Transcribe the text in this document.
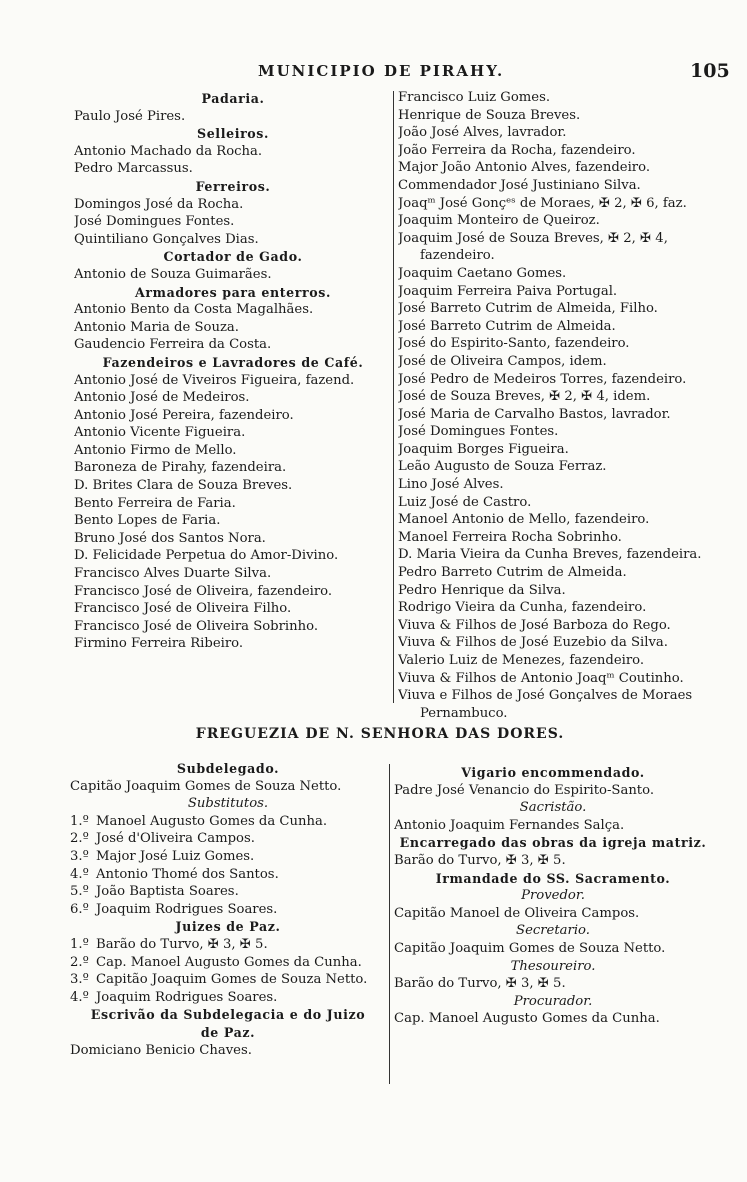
MUNICIPIO DE PIRAHY.	105
Padaria.
Paulo José Pires.
Selleiros.
Antonio Machado da Rocha.
Pedro Marcassus.
Ferreiros.
Domingos José da Rocha.
José Domingues Fontes.
Quintiliano Gonçalves Dias.
Cortador de Gado.
Antonio de Souza Guimarães.
Armadores para enterros.
Antonio Bento da Costa Magalhães.
Antonio Maria de Souza.
Gaudencio Ferreira da Costa.
Fazendeiros e Lavradores de Café.
Antonio José de Viveiros Figueira, fazend.
Antonio José de Medeiros.
Antonio José Pereira, fazendeiro.
Antonio Vicente Figueira.
Antonio Firmo de Mello.
Baroneza de Pirahy, fazendeira.
D. Brites Clara de Souza Breves.
Bento Ferreira de Faria.
Bento Lopes de Faria.
Bruno José dos Santos Nora.
D. Felicidade Perpetua do Amor-Divino.
Francisco Alves Duarte Silva.
Francisco José de Oliveira, fazendeiro.
Francisco José de Oliveira Filho.
Francisco José de Oliveira Sobrinho.
Firmino Ferreira Ribeiro.
Francisco Luiz Gomes.
Henrique de Souza Breves.
João José Alves, lavrador.
João Ferreira da Rocha, fazendeiro.
Major João Antonio Alves, fazendeiro.
Commendador José Justiniano Silva.
Joaqᵐ José Gonçᵉˢ de Moraes, ✠ 2, ✠ 6, faz.
Joaquim Monteiro de Queiroz.
Joaquim José de Souza Breves, ✠ 2, ✠ 4,
fazendeiro.
Joaquim Caetano Gomes.
Joaquim Ferreira Paiva Portugal.
José Barreto Cutrim de Almeida, Filho.
José Barreto Cutrim de Almeida.
José do Espirito-Santo, fazendeiro.
José de Oliveira Campos, idem.
José Pedro de Medeiros Torres, fazendeiro.
José de Souza Breves, ✠ 2, ✠ 4, idem.
José Maria de Carvalho Bastos, lavrador.
José Domingues Fontes.
Joaquim Borges Figueira.
Leão Augusto de Souza Ferraz.
Lino José Alves.
Luiz José de Castro.
Manoel Antonio de Mello, fazendeiro.
Manoel Ferreira Rocha Sobrinho.
D. Maria Vieira da Cunha Breves, fazendeira.
Pedro Barreto Cutrim de Almeida.
Pedro Henrique da Silva.
Rodrigo Vieira da Cunha, fazendeiro.
Viuva & Filhos de José Barboza do Rego.
Viuva & Filhos de José Euzebio da Silva.
Valerio Luiz de Menezes, fazendeiro.
Viuva & Filhos de Antonio Joaqᵐ Coutinho.
Viuva e Filhos de José Gonçalves de Moraes
Pernambuco.
FREGUEZIA DE N. SENHORA DAS DORES.
Subdelegado.
Capitão Joaquim Gomes de Souza Netto.
Substitutos.
1.º Manoel Augusto Gomes da Cunha.
2.º José d'Oliveira Campos.
3.º Major José Luiz Gomes.
4.º Antonio Thomé dos Santos.
5.º João Baptista Soares.
6.º Joaquim Rodrigues Soares.
Juizes de Paz.
1.º Barão do Turvo, ✠ 3, ✠ 5.
2.º Cap. Manoel Augusto Gomes da Cunha.
3.º Capitão Joaquim Gomes de Souza Netto.
4.º Joaquim Rodrigues Soares.
Escrivão da Subdelegacia e do Juizo
de Paz.
Domiciano Benicio Chaves.
Vigario encommendado.
Padre José Venancio do Espirito-Santo.
Sacristão.
Antonio Joaquim Fernandes Salça.
Encarregado das obras da igreja matriz.
Barão do Turvo, ✠ 3, ✠ 5.
Irmandade do SS. Sacramento.
Provedor.
Capitão Manoel de Oliveira Campos.
Secretario.
Capitão Joaquim Gomes de Souza Netto.
Thesoureiro.
Barão do Turvo, ✠ 3, ✠ 5.
Procurador.
Cap. Manoel Augusto Gomes da Cunha.
